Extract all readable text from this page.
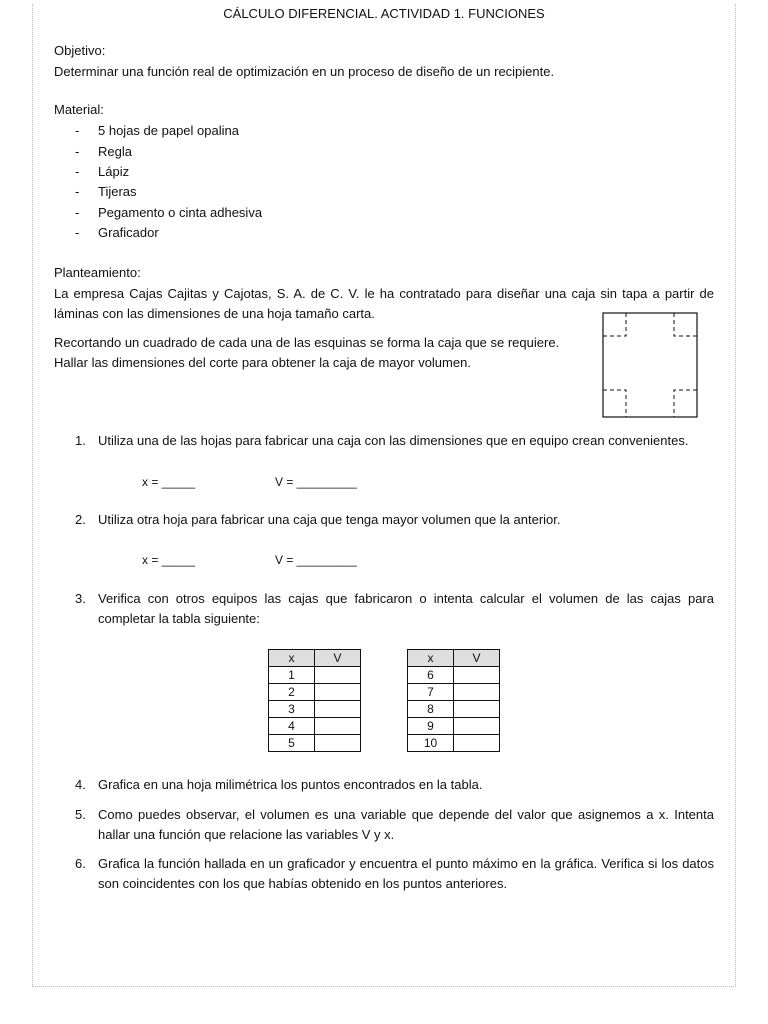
CÁLCULO DIFERENCIAL. ACTIVIDAD 1. FUNCIONES
Objetivo:
Determinar una función real de optimización en un proceso de diseño de un recipiente.
Material:
- 5 hojas de papel opalina
- Regla
- Lápiz
- Tijeras
- Pegamento o cinta adhesiva
- Graficador
Planteamiento:
La empresa Cajas Cajitas y Cajotas, S. A. de C. V. le ha contratado para diseñar una caja sin tapa a partir de láminas con las dimensiones de una hoja tamaño carta.
Recortando un cuadrado de cada una de las esquinas se forma la caja que se requiere.
Hallar las dimensiones del corte para obtener la caja de mayor volumen.
1. Utiliza una de las hojas para fabricar una caja con las dimensiones que en equipo crean convenientes.
x = _____	V = _________
2. Utiliza otra hoja para fabricar una caja que tenga mayor volumen que la anterior.
x = _____	V = _________
3. Verifica con otros equipos las cajas que fabricaron o intenta calcular el volumen de las cajas para completar la tabla siguiente:
x	V
1	
2	
3	
4	
5	
x	V
6	
7	
8	
9	
10	
4. Grafica en una hoja milimétrica los puntos encontrados en la tabla.
5. Como puedes observar, el volumen es una variable que depende del valor que asignemos a x. Intenta hallar una función que relacione las variables V y x.
6. Grafica la función hallada en un graficador y encuentra el punto máximo en la gráfica. Verifica si los datos son coincidentes con los que habías obtenido en los puntos anteriores.
